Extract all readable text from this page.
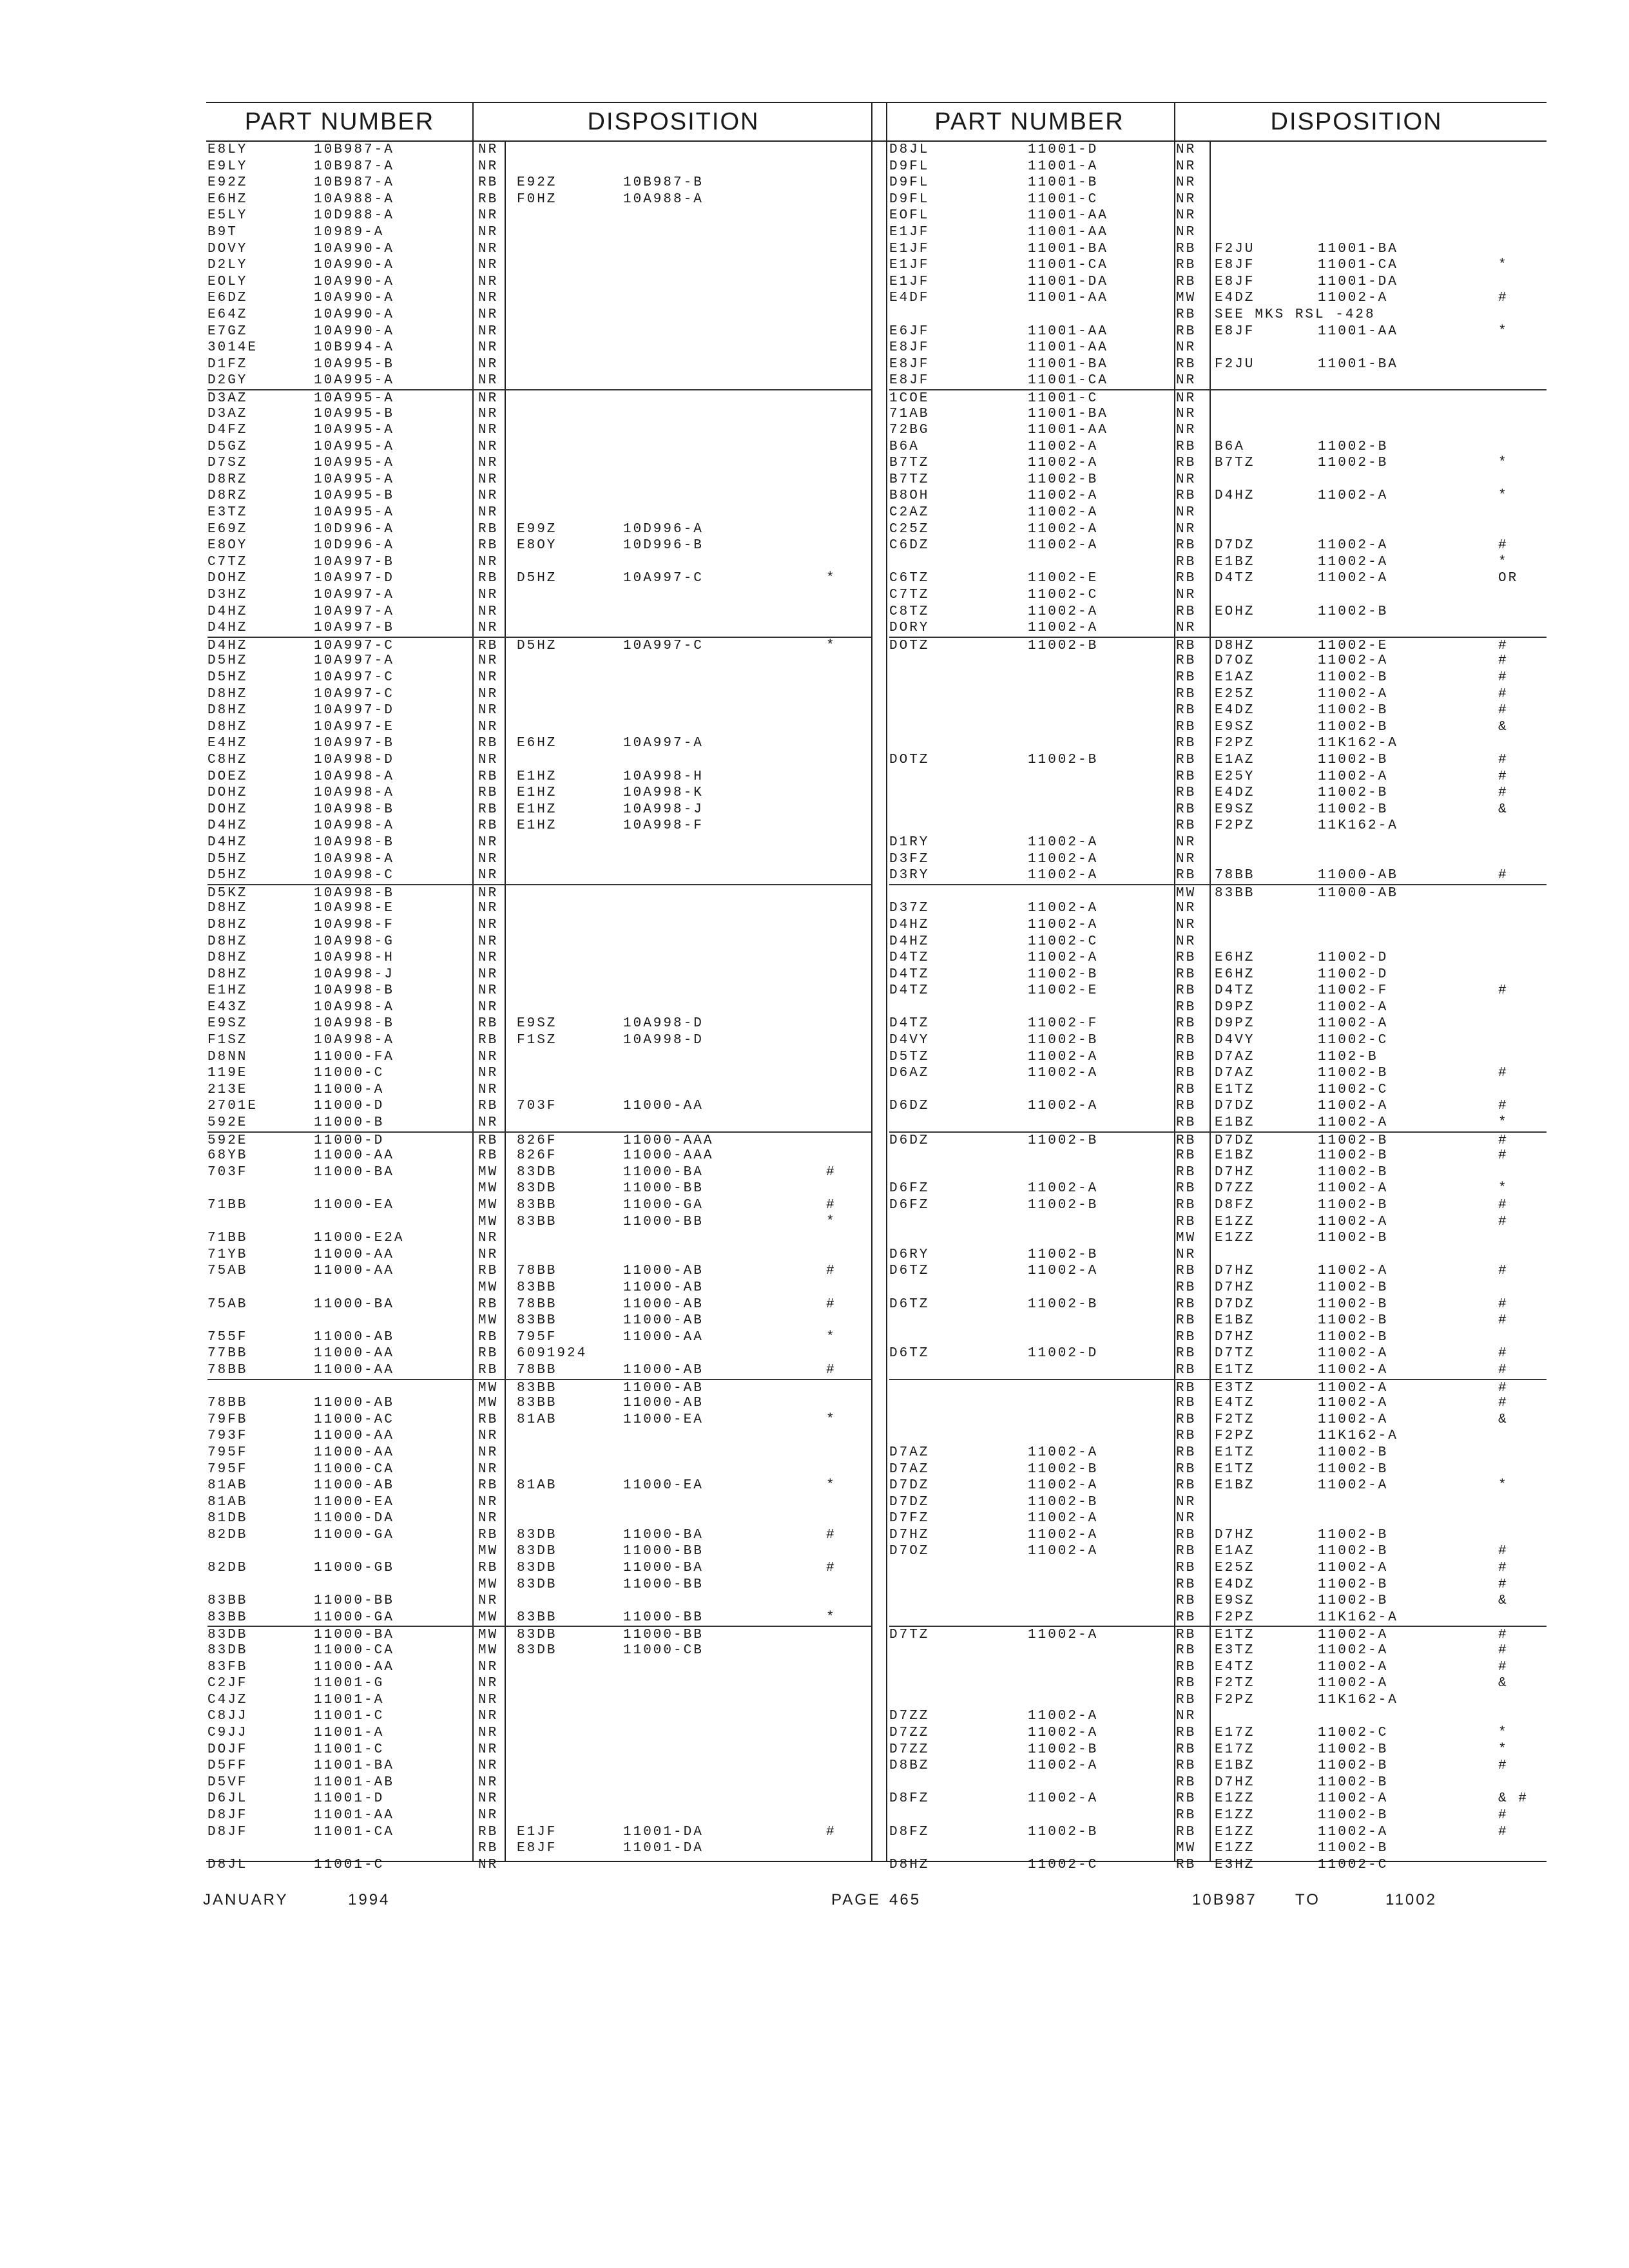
PART NUMBER	DISPOSITION	PART NUMBER	DISPOSITION
E8LY	10B987-A	NR
E9LY	10B987-A	NR
E92Z	10B987-A	RB E92Z	10B987-B
E6HZ	10A988-A	RB F0HZ	10A988-A
E5LY	10D988-A	NR
B9T	10989-A	NR
DOVY	10A990-A	NR
D2LY	10A990-A	NR
EOLY	10A990-A	NR
E6DZ	10A990-A	NR
E64Z	10A990-A	NR
E7GZ	10A990-A	NR
3014E	10B994-A	NR
D1FZ	10A995-B	NR
D2GY	10A995-A	NR
D3AZ	10A995-A	NR
D3AZ	10A995-B	NR
D4FZ	10A995-A	NR
D5GZ	10A995-A	NR
D7SZ	10A995-A	NR
D8RZ	10A995-A	NR
D8RZ	10A995-B	NR
E3TZ	10A995-A	NR
E69Z	10D996-A	RB E99Z	10D996-A
E8OY	10D996-A	RB E8OY	10D996-B
C7TZ	10A997-B	NR
DOHZ	10A997-D	RB D5HZ	10A997-C	*
D3HZ	10A997-A	NR
D4HZ	10A997-A	NR
D4HZ	10A997-B	NR
D4HZ	10A997-C	RB D5HZ	10A997-C	*
D5HZ	10A997-A	NR
D5HZ	10A997-C	NR
D8HZ	10A997-C	NR
D8HZ	10A997-D	NR
D8HZ	10A997-E	NR
E4HZ	10A997-B	RB E6HZ	10A997-A
C8HZ	10A998-D	NR
DOEZ	10A998-A	RB E1HZ	10A998-H
DOHZ	10A998-A	RB E1HZ	10A998-K
DOHZ	10A998-B	RB E1HZ	10A998-J
D4HZ	10A998-A	RB E1HZ	10A998-F
D4HZ	10A998-B	NR
D5HZ	10A998-A	NR
D5HZ	10A998-C	NR
D5KZ	10A998-B	NR
D8HZ	10A998-E	NR
D8HZ	10A998-F	NR
D8HZ	10A998-G	NR
D8HZ	10A998-H	NR
D8HZ	10A998-J	NR
E1HZ	10A998-B	NR
E43Z	10A998-A	NR
E9SZ	10A998-B	RB E9SZ	10A998-D
F1SZ	10A998-A	RB F1SZ	10A998-D
D8NN	11000-FA	NR
119E	11000-C	NR
213E	11000-A	NR
2701E	11000-D	RB 703F	11000-AA
592E	11000-B	NR
592E	11000-D	RB 826F	11000-AAA
68YB	11000-AA	RB 826F	11000-AAA
703F	11000-BA	MW 83DB	11000-BA	#
MW 83DB	11000-BB
71BB	11000-EA	MW 83BB	11000-GA	#
MW 83BB	11000-BB	*
71BB	11000-E2A	NR
71YB	11000-AA	NR
75AB	11000-AA	RB 78BB	11000-AB	#
MW 83BB	11000-AB
75AB	11000-BA	RB 78BB	11000-AB	#
MW 83BB	11000-AB
755F	11000-AB	RB 795F	11000-AA	*
77BB	11000-AA	RB 6091924
78BB	11000-AA	RB 78BB	11000-AB	#
MW 83BB	11000-AB
78BB	11000-AB	MW 83BB	11000-AB
79FB	11000-AC	RB 81AB	11000-EA	*
793F	11000-AA	NR
795F	11000-AA	NR
795F	11000-CA	NR
81AB	11000-AB	RB 81AB	11000-EA	*
81AB	11000-EA	NR
81DB	11000-DA	NR
82DB	11000-GA	RB 83DB	11000-BA	#
MW 83DB	11000-BB
82DB	11000-GB	RB 83DB	11000-BA	#
MW 83DB	11000-BB
83BB	11000-BB	NR
83BB	11000-GA	MW 83BB	11000-BB	*
83DB	11000-BA	MW 83DB	11000-BB
83DB	11000-CA	MW 83DB	11000-CB
83FB	11000-AA	NR
C2JF	11001-G	NR
C4JZ	11001-A	NR
C8JJ	11001-C	NR
C9JJ	11001-A	NR
DOJF	11001-C	NR
D5FF	11001-BA	NR
D5VF	11001-AB	NR
D6JL	11001-D	NR
D8JF	11001-AA	NR
D8JF	11001-CA	RB E1JF	11001-DA	#
RB E8JF	11001-DA
D8JL	11001-C	NR
D8JL	11001-D	NR
D9FL	11001-A	NR
D9FL	11001-B	NR
D9FL	11001-C	NR
EOFL	11001-AA	NR
E1JF	11001-AA	NR
E1JF	11001-BA	RB F2JU	11001-BA
E1JF	11001-CA	RB E8JF	11001-CA	*
E1JF	11001-DA	RB E8JF	11001-DA
E4DF	11001-AA	MW E4DZ	11002-A	#
RB SEE MKS RSL -428
E6JF	11001-AA	RB E8JF	11001-AA	*
E8JF	11001-AA	NR
E8JF	11001-BA	RB F2JU	11001-BA
E8JF	11001-CA	NR
1COE	11001-C	NR
71AB	11001-BA	NR
72BG	11001-AA	NR
B6A	11002-A	RB B6A	11002-B
B7TZ	11002-A	RB B7TZ	11002-B	*
B7TZ	11002-B	NR
B8OH	11002-A	RB D4HZ	11002-A	*
C2AZ	11002-A	NR
C25Z	11002-A	NR
C6DZ	11002-A	RB D7DZ	11002-A	#
RB E1BZ	11002-A	*
C6TZ	11002-E	RB D4TZ	11002-A	OR
C7TZ	11002-C	NR
C8TZ	11002-A	RB EOHZ	11002-B
DORY	11002-A	NR
DOTZ	11002-B	RB D8HZ	11002-E	#
RB D7OZ	11002-A	#
RB E1AZ	11002-B	#
RB E25Z	11002-A	#
RB E4DZ	11002-B	#
RB E9SZ	11002-B	&
RB F2PZ	11K162-A
DOTZ	11002-B	RB E1AZ	11002-B	#
RB E25Y	11002-A	#
RB E4DZ	11002-B	#
RB E9SZ	11002-B	&
RB F2PZ	11K162-A
D1RY	11002-A	NR
D3FZ	11002-A	NR
D3RY	11002-A	RB 78BB	11000-AB	#
MW 83BB	11000-AB
D37Z	11002-A	NR
D4HZ	11002-A	NR
D4HZ	11002-C	NR
D4TZ	11002-A	RB E6HZ	11002-D
D4TZ	11002-B	RB E6HZ	11002-D
D4TZ	11002-E	RB D4TZ	11002-F	#
RB D9PZ	11002-A
D4TZ	11002-F	RB D9PZ	11002-A
D4VY	11002-B	RB D4VY	11002-C
D5TZ	11002-A	RB D7AZ	1102-B
D6AZ	11002-A	RB D7AZ	11002-B	#
RB E1TZ	11002-C
D6DZ	11002-A	RB D7DZ	11002-A	#
RB E1BZ	11002-A	*
D6DZ	11002-B	RB D7DZ	11002-B	#
RB E1BZ	11002-B	#
RB D7HZ	11002-B
D6FZ	11002-A	RB D7ZZ	11002-A	*
D6FZ	11002-B	RB D8FZ	11002-B	#
RB E1ZZ	11002-A	#
MW E1ZZ	11002-B
D6RY	11002-B	NR
D6TZ	11002-A	RB D7HZ	11002-A	#
RB D7HZ	11002-B
D6TZ	11002-B	RB D7DZ	11002-B	#
RB E1BZ	11002-B	#
RB D7HZ	11002-B
D6TZ	11002-D	RB D7TZ	11002-A	#
RB E1TZ	11002-A	#
RB E3TZ	11002-A	#
RB E4TZ	11002-A	#
RB F2TZ	11002-A	&
RB F2PZ	11K162-A
D7AZ	11002-A	RB E1TZ	11002-B
D7AZ	11002-B	RB E1TZ	11002-B
D7DZ	11002-A	RB E1BZ	11002-A	*
D7DZ	11002-B	NR
D7FZ	11002-A	NR
D7HZ	11002-A	RB D7HZ	11002-B
D7OZ	11002-A	RB E1AZ	11002-B	#
RB E25Z	11002-A	#
RB E4DZ	11002-B	#
RB E9SZ	11002-B	&
RB F2PZ	11K162-A
D7TZ	11002-A	RB E1TZ	11002-A	#
RB E3TZ	11002-A	#
RB E4TZ	11002-A	#
RB F2TZ	11002-A	&
RB F2PZ	11K162-A
D7ZZ	11002-A	NR
D7ZZ	11002-A	RB E17Z	11002-C	*
D7ZZ	11002-B	RB E17Z	11002-B	*
D8BZ	11002-A	RB E1BZ	11002-B	#
RB D7HZ	11002-B
D8FZ	11002-A	RB E1ZZ	11002-A	& #
RB E1ZZ	11002-B	#
D8FZ	11002-B	RB E1ZZ	11002-A	#
MW E1ZZ	11002-B
D8HZ	11002-C	RB E3HZ	11002-C
JANUARY	1994	PAGE 465	10B987 TO	11002
